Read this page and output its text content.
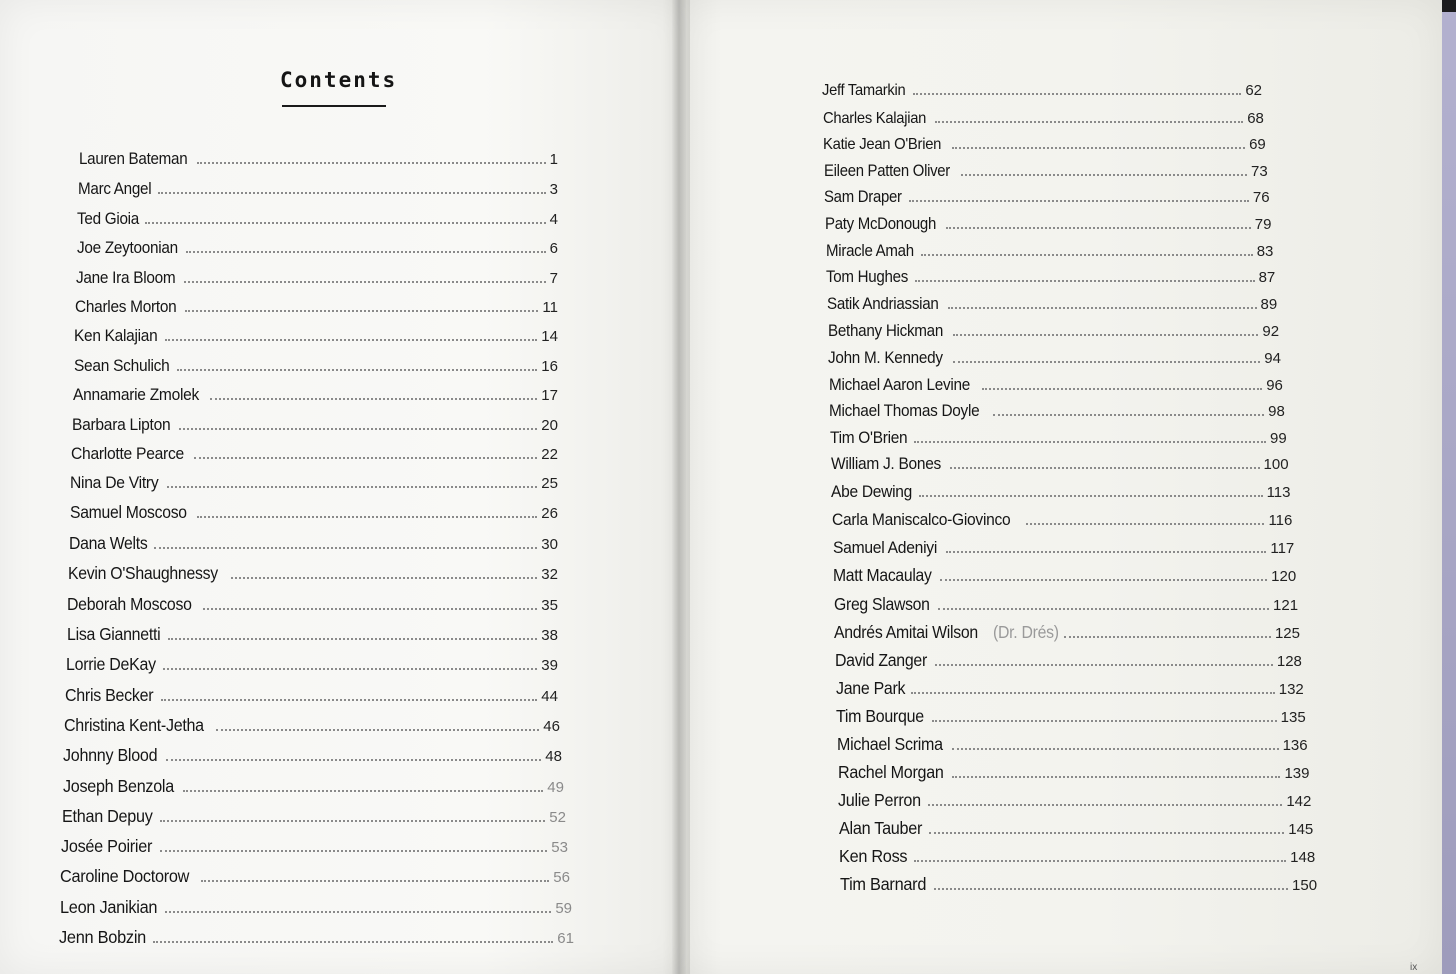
Contents
Lauren Bateman	1
Marc Angel	3
Ted Gioia	4
Joe Zeytoonian	6
Jane Ira Bloom	7
Charles Morton	11
Ken Kalajian	14
Sean Schulich	16
Annamarie Zmolek	17
Barbara Lipton	20
Charlotte Pearce	22
Nina De Vitry	25
Samuel Moscoso	26
Dana Welts	30
Kevin O'Shaughnessy	32
Deborah Moscoso	35
Lisa Giannetti	38
Lorrie DeKay	39
Chris Becker	44
Christina Kent-Jetha	46
Johnny Blood	48
Joseph Benzola	49
Ethan Depuy	52
Josée Poirier	53
Caroline Doctorow	56
Leon Janikian	59
Jenn Bobzin	61
ix
Jeff Tamarkin	62
Charles Kalajian	68
Katie Jean O'Brien	69
Eileen Patten Oliver	73
Sam Draper	76
Paty McDonough	79
Miracle Amah	83
Tom Hughes	87
Satik Andriassian	89
Bethany Hickman	92
John M. Kennedy	94
Michael Aaron Levine	96
Michael Thomas Doyle	98
Tim O'Brien	99
William J. Bones	100
Abe Dewing	113
Carla Maniscalco-Giovinco	116
Samuel Adeniyi	117
Matt Macaulay	120
Greg Slawson	121
Andrés Amitai Wilson (Dr. Drés)	125
David Zanger	128
Jane Park	132
Tim Bourque	135
Michael Scrima	136
Rachel Morgan	139
Julie Perron	142
Alan Tauber	145
Ken Ross	148
Tim Barnard	150
